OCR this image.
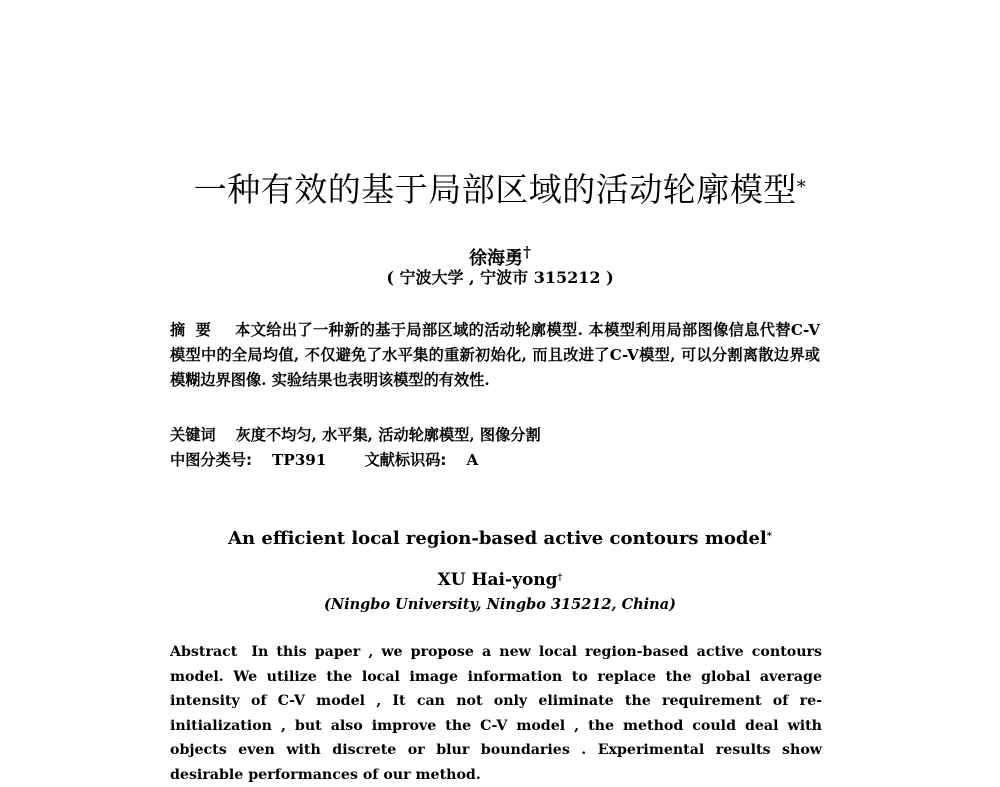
一种有效的基于局部区域的活动轮廓模型*
徐海勇†
( 宁波大学 , 宁波市 315212 )
摘要 本文给出了一种新的基于局部区域的活动轮廓模型. 本模型利用局部图像信息代替C-V模型中的全局均值, 不仅避免了水平集的重新初始化, 而且改进了C-V模型, 可以分割离散边界或模糊边界图像. 实验结果也表明该模型的有效性.
关键词 灰度不均匀, 水平集, 活动轮廓模型, 图像分割
中图分类号: TP391	文献标识码: A
An efficient local region-based active contours model*
XU Hai-yong†
(Ningbo University, Ningbo 315212, China)
Abstract In this paper , we propose a new local region-based active contours model. We utilize the local image information to replace the global average intensity of C-V model , It can not only eliminate the requirement of re-initialization , but also improve the C-V model , the method could deal with objects even with discrete or blur boundaries . Experimental results show desirable performances of our method.
